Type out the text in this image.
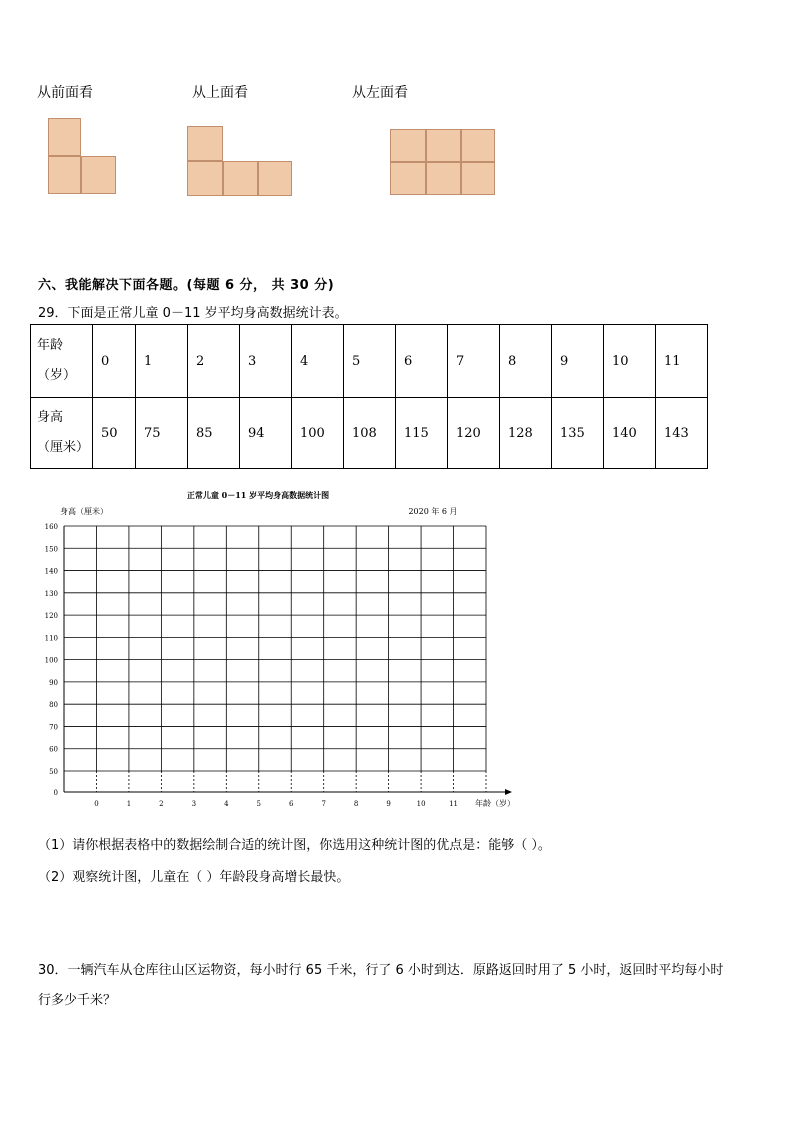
从前面看	从上面看	从左面看
六、我能解决下面各题。(每题 6 分， 共 30 分)
29．下面是正常儿童 0－11 岁平均身高数据统计表。
年龄
（岁）	0	1	2	3	4	5	6	7	8	9	10	11

身高
（厘米）	50	75	85	94	100	108	115	120	128	135	140	143
正常儿童 0－11 岁平均身高数据统计图
2020 年 6 月
身高（厘米）
年龄（岁）
0
50
60
70
80
90
100
110
120
130
140
150
160
0	1	2	3	4	5	6	7	8	9	10	11
（1）请你根据表格中的数据绘制合适的统计图，你选用这种统计图的优点是：能够（ ）。
（2）观察统计图，儿童在（ ）年龄段身高增长最快。
30．一辆汽车从仓库往山区运物资，每小时行 65 千米，行了 6 小时到达．原路返回时用了 5 小时，返回时平均每小时
行多少千米？
